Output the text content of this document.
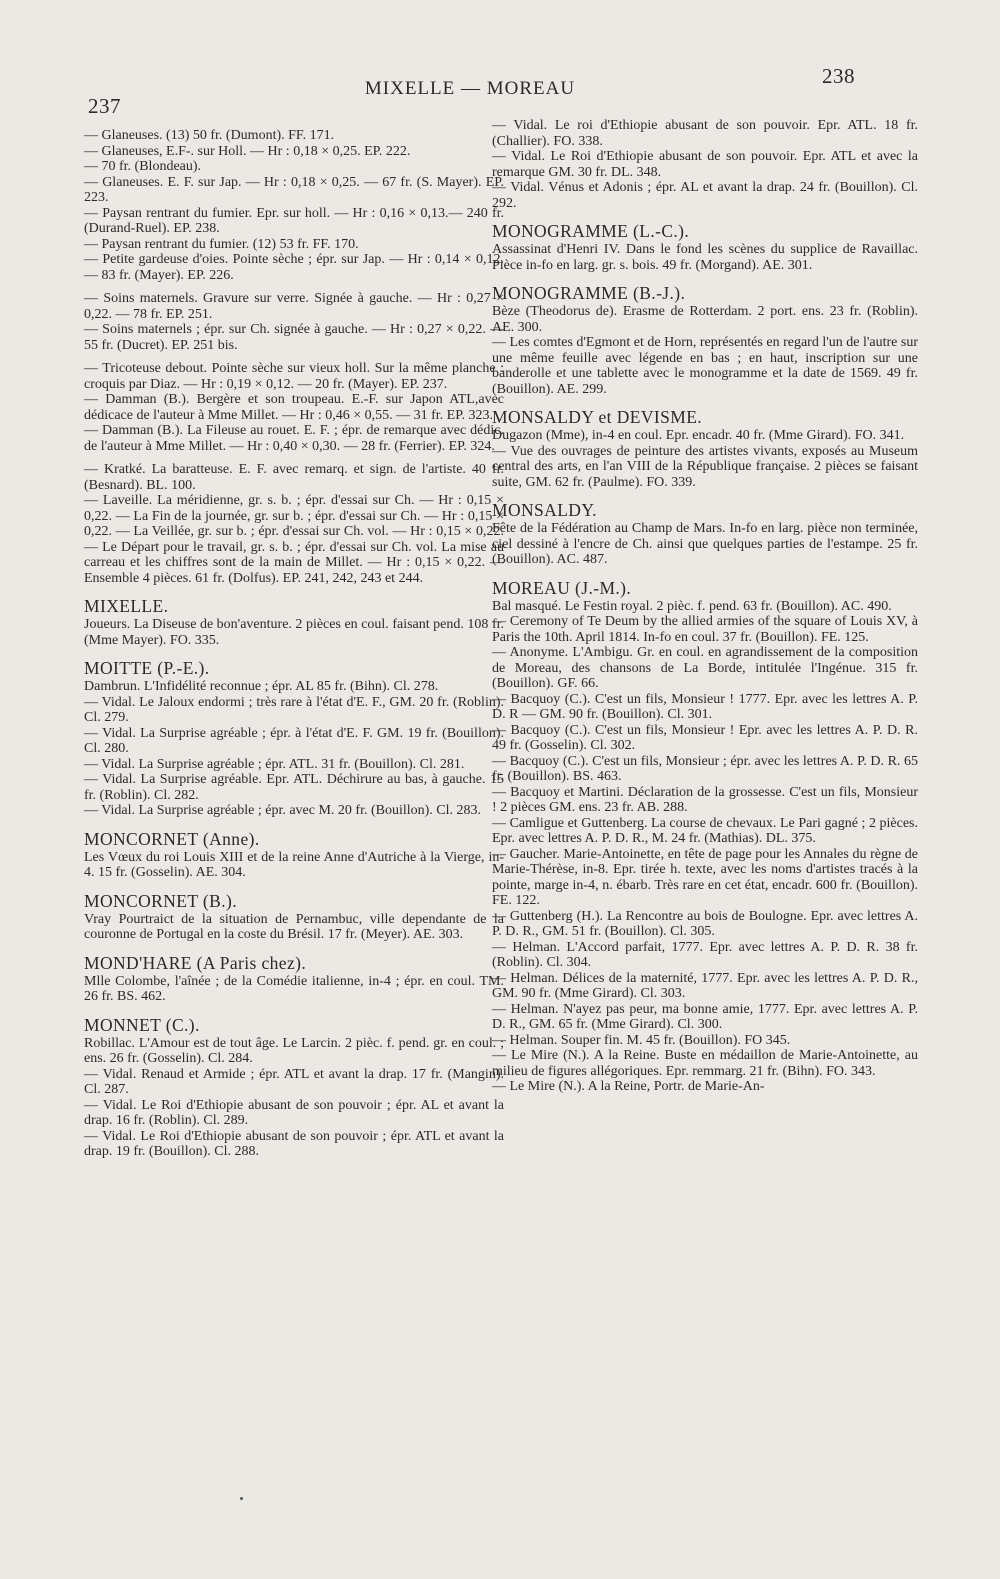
237
MIXELLE — MOREAU
238

— Glaneuses. (13) 50 fr. (Dumont). FF. 171.

— Glaneuses, E.F-. sur Holl. — Hr : 0,18 × 0,25. EP. 222.

— 70 fr. (Blondeau).

— Glaneuses. E. F. sur Jap. — Hr : 0,18 × 0,25. — 67 fr. (S. Mayer). EP. 223.

— Paysan rentrant du fumier. Epr. sur holl. — Hr : 0,16 × 0,13.— 240 fr. (Durand-Ruel). EP. 238.

— Paysan rentrant du fumier. (12) 53 fr. FF. 170.

— Petite gardeuse d'oies. Pointe sèche ; épr. sur Jap. — Hr : 0,14 × 0,12. — 83 fr. (Mayer). EP. 226.

— Soins maternels. Gravure sur verre. Signée à gauche. — Hr : 0,27 × 0,22. — 78 fr. EP. 251.

— Soins maternels ; épr. sur Ch. signée à gauche. — Hr : 0,27 × 0,22. — 55 fr. (Ducret). EP. 251 bis.

— Tricoteuse debout. Pointe sèche sur vieux holl. Sur la même planche : croquis par Diaz. — Hr : 0,19 × 0,12. — 20 fr. (Mayer). EP. 237.

— Damman (B.). Bergère et son troupeau. E.-F. sur Japon ATL,avec dédicace de l'auteur à Mme Millet. — Hr : 0,46 × 0,55. — 31 fr. EP. 323.

— Damman (B.). La Fileuse au rouet. E. F. ; épr. de remarque avec dédic. de l'auteur à Mme Millet. — Hr : 0,40 × 0,30. — 28 fr. (Ferrier). EP. 324.

— Kratké. La baratteuse. E. F. avec remarq. et sign. de l'artiste. 40 fr. (Besnard). BL. 100.

— Laveille. La méridienne, gr. s. b. ; épr. d'essai sur Ch. — Hr : 0,15 × 0,22. — La Fin de la journée, gr. sur b. ; épr. d'essai sur Ch. — Hr : 0,15 × 0,22. — La Veillée, gr. sur b. ; épr. d'essai sur Ch. vol. — Hr : 0,15 × 0,22. — Le Départ pour le travail, gr. s. b. ; épr. d'essai sur Ch. vol. La mise au carreau et les chiffres sont de la main de Millet. — Hr : 0,15 × 0,22. — Ensemble 4 pièces. 61 fr. (Dolfus). EP. 241, 242, 243 et 244.

MIXELLE.

Joueurs. La Diseuse de bon'aventure. 2 pièces en coul. faisant pend. 108 fr. (Mme Mayer). FO. 335.

MOITTE (P.-E.).

Dambrun. L'Infidélité reconnue ; épr. AL 85 fr. (Bihn). Cl. 278.

— Vidal. Le Jaloux endormi ; très rare à l'état d'E. F., GM. 20 fr. (Roblin). Cl. 279.

— Vidal. La Surprise agréable ; épr. à l'état d'E. F. GM. 19 fr. (Bouillon). Cl. 280.

— Vidal. La Surprise agréable ; épr. ATL. 31 fr. (Bouillon). Cl. 281.

— Vidal. La Surprise agréable. Epr. ATL. Déchirure au bas, à gauche. 15 fr. (Roblin). Cl. 282.

— Vidal. La Surprise agréable ; épr. avec M. 20 fr. (Bouillon). Cl. 283.

MONCORNET (Anne).

Les Vœux du roi Louis XIII et de la reine Anne d'Autriche à la Vierge, in-4. 15 fr. (Gosselin). AE. 304.

MONCORNET (B.).

Vray Pourtraict de la situation de Pernambuc, ville dependante de la couronne de Portugal en la coste du Brésil. 17 fr. (Meyer). AE. 303.

MOND'HARE (A Paris chez).

Mlle Colombe, l'aînée ; de la Comédie italienne, in-4 ; épr. en coul. TM. 26 fr. BS. 462.

MONNET (C.).

Robillac. L'Amour est de tout âge. Le Larcin. 2 pièc. f. pend. gr. en coul. ; ens. 26 fr. (Gosselin). Cl. 284.

— Vidal. Renaud et Armide ; épr. ATL et avant la drap. 17 fr. (Mangin). Cl. 287.

— Vidal. Le Roi d'Ethiopie abusant de son pouvoir ; épr. AL et avant la drap. 16 fr. (Roblin). Cl. 289.

— Vidal. Le Roi d'Ethiopie abusant de son pouvoir ; épr. ATL et avant la drap. 19 fr. (Bouillon). Cl. 288.

— Vidal. Le roi d'Ethiopie abusant de son pouvoir. Epr. ATL. 18 fr. (Challier). FO. 338.

— Vidal. Le Roi d'Ethiopie abusant de son pouvoir. Epr. ATL et avec la remarque GM. 30 fr. DL. 348.

— Vidal. Vénus et Adonis ; épr. AL et avant la drap. 24 fr. (Bouillon). Cl. 292.

MONOGRAMME (L.-C.).

Assassinat d'Henri IV. Dans le fond les scènes du supplice de Ravaillac. Pièce in-fo en larg. gr. s. bois. 49 fr. (Morgand). AE. 301.

MONOGRAMME (B.-J.).

Bèze (Theodorus de). Erasme de Rotterdam. 2 port. ens. 23 fr. (Roblin). AE. 300.

— Les comtes d'Egmont et de Horn, représentés en regard l'un de l'autre sur une même feuille avec légende en bas ; en haut, inscription sur une banderolle et une tablette avec le monogramme et la date de 1569. 49 fr. (Bouillon). AE. 299.

MONSALDY et DEVISME.

Dugazon (Mme), in-4 en coul. Epr. encadr. 40 fr. (Mme Girard). FO. 341.

— Vue des ouvrages de peinture des artistes vivants, exposés au Museum central des arts, en l'an VIII de la République française. 2 pièces se faisant suite, GM. 62 fr. (Paulme). FO. 339.

MONSALDY.

Fête de la Fédération au Champ de Mars. In-fo en larg. pièce non terminée, ciel dessiné à l'encre de Ch. ainsi que quelques parties de l'estampe. 25 fr. (Bouillon). AC. 487.

MOREAU (J.-M.).

Bal masqué. Le Festin royal. 2 pièc. f. pend. 63 fr. (Bouillon). AC. 490.

— Ceremony of Te Deum by the allied armies of the square of Louis XV, à Paris the 10th. April 1814. In-fo en coul. 37 fr. (Bouillon). FE. 125.

— Anonyme. L'Ambigu. Gr. en coul. en agrandissement de la composition de Moreau, des chansons de La Borde, intitulée l'Ingénue. 315 fr. (Bouillon). GF. 66.

— Bacquoy (C.). C'est un fils, Monsieur ! 1777. Epr. avec les lettres A. P. D. R — GM. 90 fr. (Bouillon). Cl. 301.

— Bacquoy (C.). C'est un fils, Monsieur ! Epr. avec les lettres A. P. D. R. 49 fr. (Gosselin). Cl. 302.

— Bacquoy (C.). C'est un fils, Monsieur ; épr. avec les lettres A. P. D. R. 65 fr. (Bouillon). BS. 463.

— Bacquoy et Martini. Déclaration de la grossesse. C'est un fils, Monsieur ! 2 pièces GM. ens. 23 fr. AB. 288.

— Camligue et Guttenberg. La course de chevaux. Le Pari gagné ; 2 pièces. Epr. avec lettres A. P. D. R., M. 24 fr. (Mathias). DL. 375.

— Gaucher. Marie-Antoinette, en tête de page pour les Annales du règne de Marie-Thérèse, in-8. Epr. tirée h. texte, avec les noms d'artistes tracés à la pointe, marge in-4, n. ébarb. Très rare en cet état, encadr. 600 fr. (Bouillon). FE. 122.

— Guttenberg (H.). La Rencontre au bois de Boulogne. Epr. avec lettres A. P. D. R., GM. 51 fr. (Bouillon). Cl. 305.

— Helman. L'Accord parfait, 1777. Epr. avec lettres A. P. D. R. 38 fr. (Roblin). Cl. 304.

— Helman. Délices de la maternité, 1777. Epr. avec les lettres A. P. D. R., GM. 90 fr. (Mme Girard). Cl. 303.

— Helman. N'ayez pas peur, ma bonne amie, 1777. Epr. avec lettres A. P. D. R., GM. 65 fr. (Mme Girard). Cl. 300.

— Helman. Souper fin. M. 45 fr. (Bouillon). FO 345.

— Le Mire (N.). A la Reine. Buste en médaillon de Marie-Antoinette, au milieu de figures allégoriques. Epr. remmarg. 21 fr. (Bihn). FO. 343.

— Le Mire (N.). A la Reine, Portr. de Marie-An-
